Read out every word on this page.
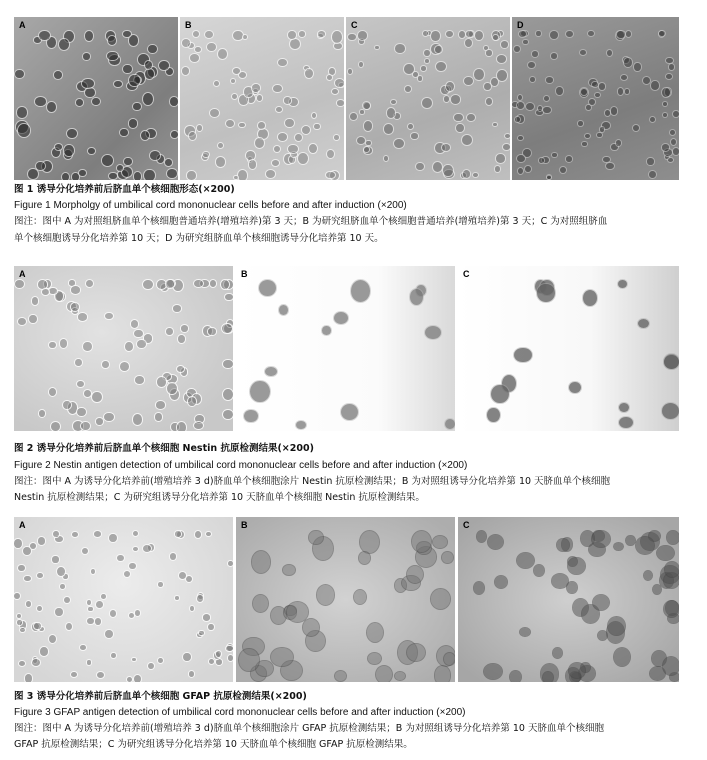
A	B	C	D
图 1 诱导分化培养前后脐血单个核细胞形态(×200)
Figure 1 Morpholgy of umbilical cord mononuclear cells before and after induction (×200)
图注：图中 A 为对照组脐血单个核细胞普通培养(增殖培养)第 3 天；B 为研究组脐血单个核细胞普通培养(增殖培养)第 3 天；C 为对照组脐血
单个核细胞诱导分化培养第 10 天；D 为研究组脐血单个核细胞诱导分化培养第 10 天。
A	B	C
图 2 诱导分化培养前后脐血单个核细胞 Nestin 抗原检测结果(×200)
Figure 2 Nestin antigen detection of umbilical cord mononuclear cells before and after induction (×200)
图注：图中 A 为诱导分化培养前(增殖培养 3 d)脐血单个核细胞涂片 Nestin 抗原检测结果；B 为对照组诱导分化培养第 10 天脐血单个核细胞
Nestin 抗原检测结果；C 为研究组诱导分化培养第 10 天脐血单个核细胞 Nestin 抗原检测结果。
A	B	C
图 3 诱导分化培养前后脐血单个核细胞 GFAP 抗原检测结果(×200)
Figure 3 GFAP antigen detection of umbilical cord mononuclear cells before and after induction (×200)
图注：图中 A 为诱导分化培养前(增殖培养 3 d)脐血单个核细胞涂片 GFAP 抗原检测结果；B 为对照组诱导分化培养第 10 天脐血单个核细胞
GFAP 抗原检测结果；C 为研究组诱导分化培养第 10 天脐血单个核细胞 GFAP 抗原检测结果。
